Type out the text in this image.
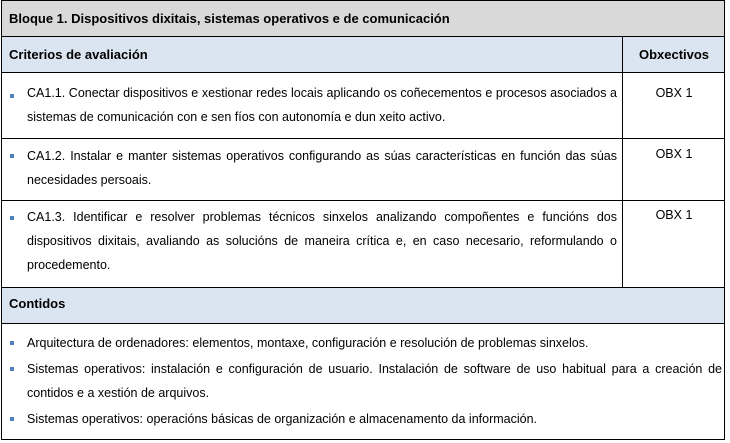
Bloque 1. Dispositivos dixitais, sistemas operativos e de comunicación
Criterios de avaliación	Obxectivos
CA1.1. Conectar dispositivos e xestionar redes locais aplicando os coñecementos e procesos asociados a sistemas de comunicación con e sen fíos con autonomía e dun xeito activo.
OBX 1
CA1.2. Instalar e manter sistemas operativos configurando as súas características en función das súas necesidades persoais.
OBX 1
CA1.3. Identificar e resolver problemas técnicos sinxelos analizando compoñentes e funcións dos dispositivos dixitais, avaliando as solucións de maneira crítica e, en caso necesario, reformulando o procedemento.
OBX 1
Contidos
Arquitectura de ordenadores: elementos, montaxe, configuración e resolución de problemas sinxelos.
Sistemas operativos: instalación e configuración de usuario. Instalación de software de uso habitual para a creación de contidos e a xestión de arquivos.
Sistemas operativos: operacións básicas de organización e almacenamento da información.
